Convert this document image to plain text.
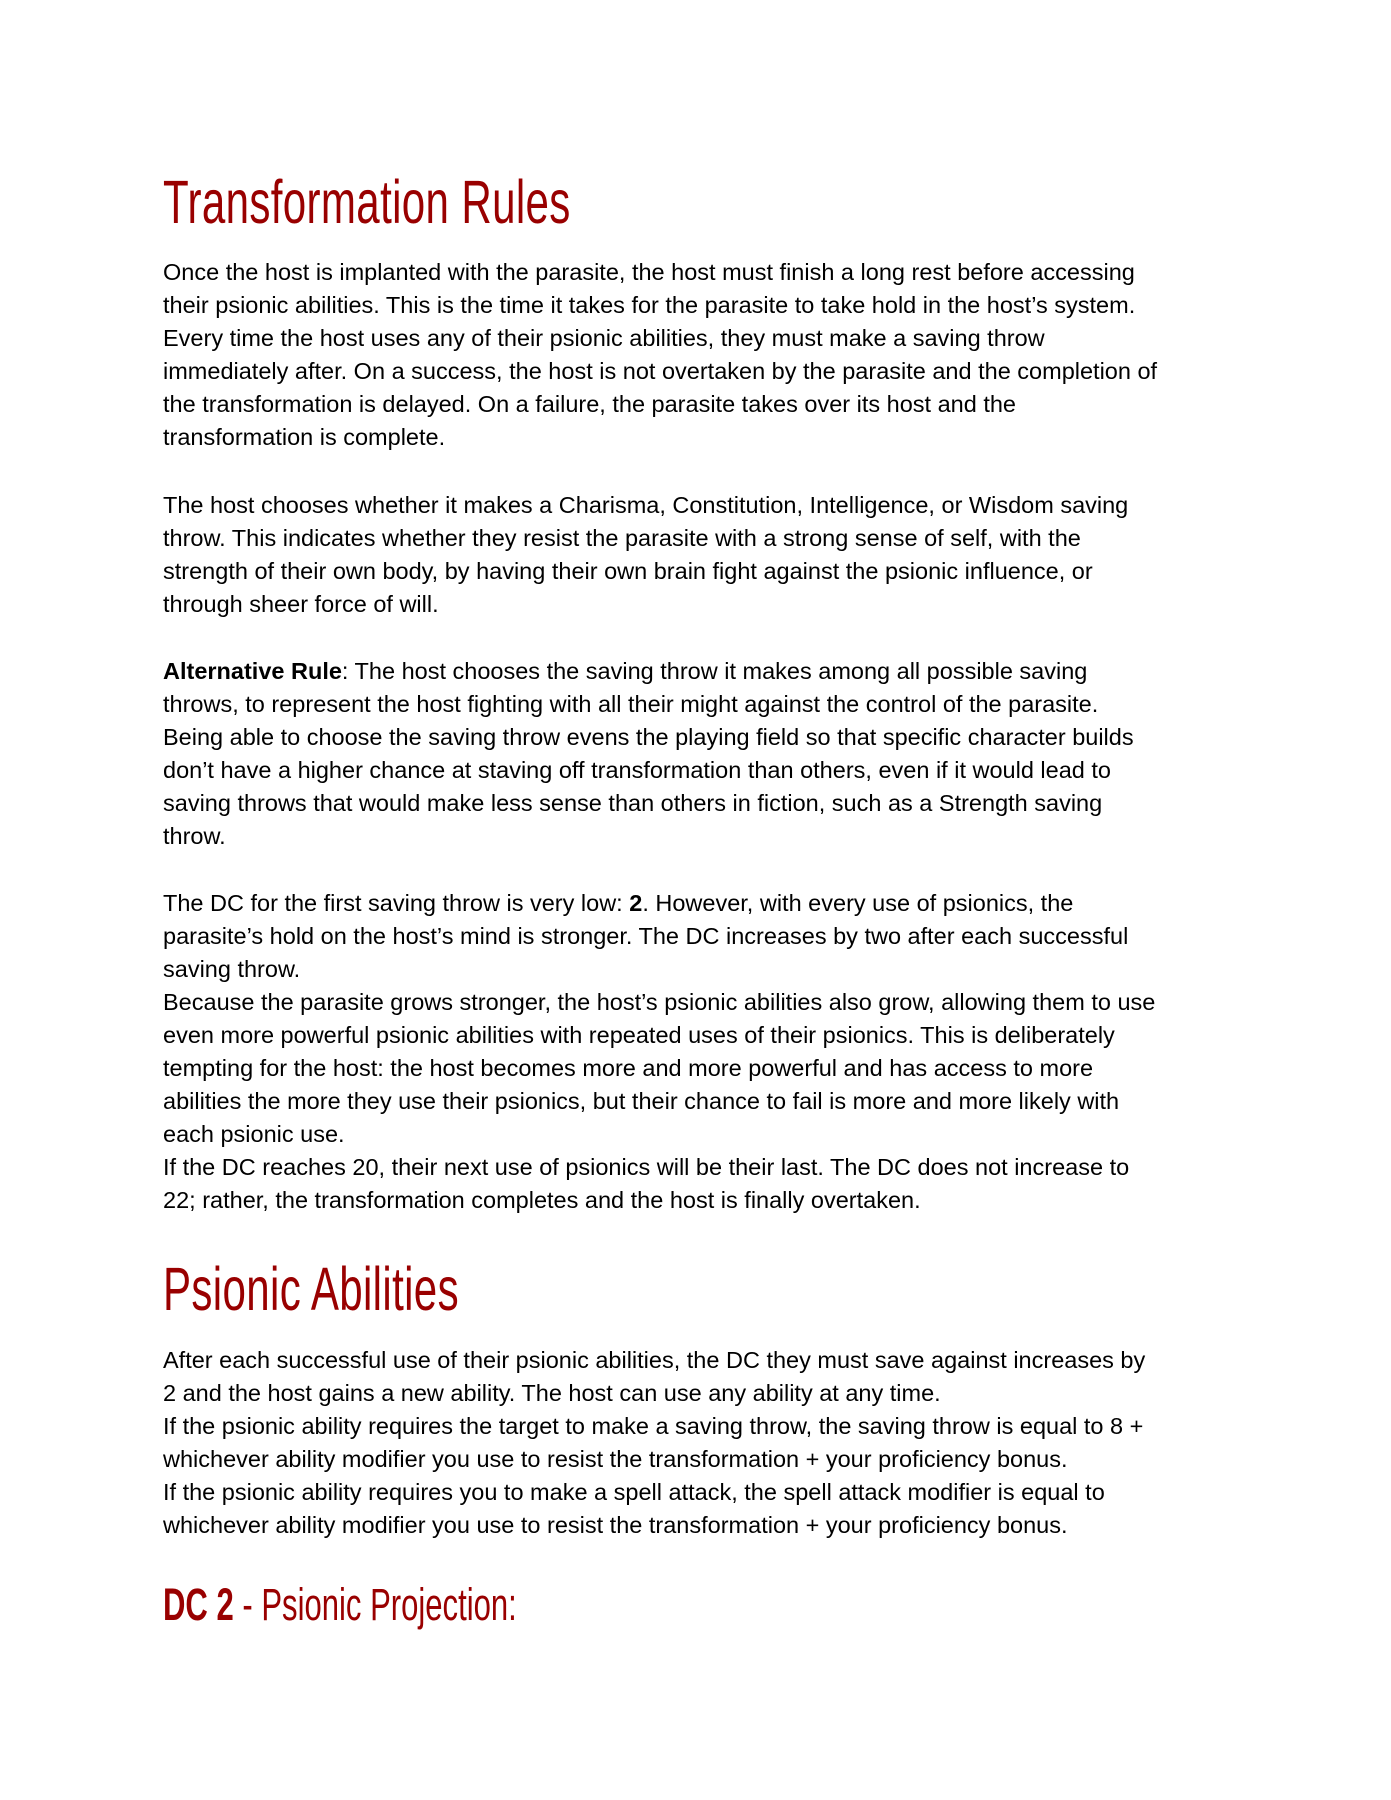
Transformation Rules
Once the host is implanted with the parasite, the host must finish a long rest before accessing
their psionic abilities. This is the time it takes for the parasite to take hold in the host’s system.
Every time the host uses any of their psionic abilities, they must make a saving throw
immediately after. On a success, the host is not overtaken by the parasite and the completion of
the transformation is delayed. On a failure, the parasite takes over its host and the
transformation is complete.
The host chooses whether it makes a Charisma, Constitution, Intelligence, or Wisdom saving
throw. This indicates whether they resist the parasite with a strong sense of self, with the
strength of their own body, by having their own brain fight against the psionic influence, or
through sheer force of will.
Alternative Rule: The host chooses the saving throw it makes among all possible saving
throws, to represent the host fighting with all their might against the control of the parasite.
Being able to choose the saving throw evens the playing field so that specific character builds
don’t have a higher chance at staving off transformation than others, even if it would lead to
saving throws that would make less sense than others in fiction, such as a Strength saving
throw.
The DC for the first saving throw is very low: 2. However, with every use of psionics, the
parasite’s hold on the host’s mind is stronger. The DC increases by two after each successful
saving throw.
Because the parasite grows stronger, the host’s psionic abilities also grow, allowing them to use
even more powerful psionic abilities with repeated uses of their psionics. This is deliberately
tempting for the host: the host becomes more and more powerful and has access to more
abilities the more they use their psionics, but their chance to fail is more and more likely with
each psionic use.
If the DC reaches 20, their next use of psionics will be their last. The DC does not increase to
22; rather, the transformation completes and the host is finally overtaken.
Psionic Abilities
After each successful use of their psionic abilities, the DC they must save against increases by
2 and the host gains a new ability. The host can use any ability at any time.
If the psionic ability requires the target to make a saving throw, the saving throw is equal to 8 +
whichever ability modifier you use to resist the transformation + your proficiency bonus.
If the psionic ability requires you to make a spell attack, the spell attack modifier is equal to
whichever ability modifier you use to resist the transformation + your proficiency bonus.
DC 2 - Psionic Projection:
